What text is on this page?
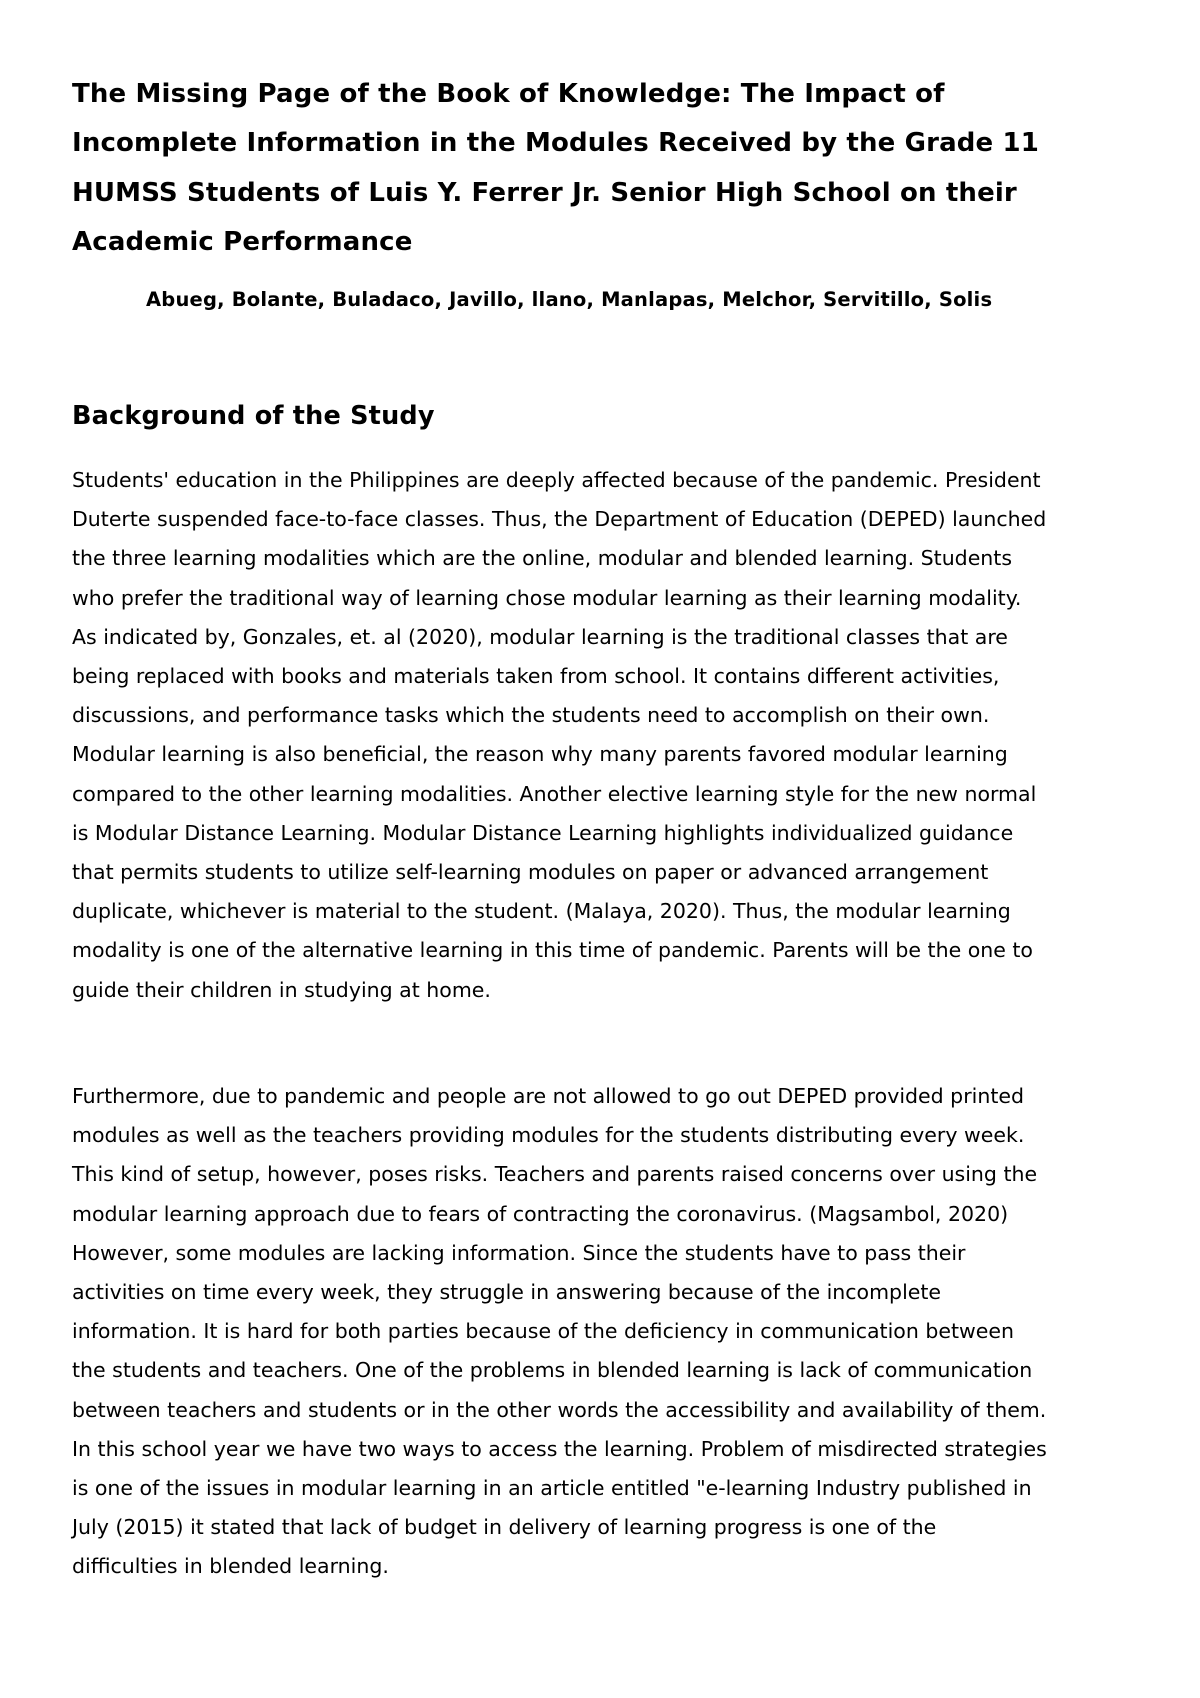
The Missing Page of the Book of Knowledge: The Impact of
Incomplete Information in the Modules Received by the Grade 11
HUMSS Students of Luis Y. Ferrer Jr. Senior High School on their
Academic Performance

Abueg, Bolante, Buladaco, Javillo, llano, Manlapas, Melchor, Servitillo, Solis

Background of the Study
Students' education in the Philippines are deeply affected because of the pandemic. President
Duterte suspended face-to-face classes. Thus, the Department of Education (DEPED) launched
the three learning modalities which are the online, modular and blended learning. Students
who prefer the traditional way of learning chose modular learning as their learning modality.
As indicated by, Gonzales, et. al (2020), modular learning is the traditional classes that are
being replaced with books and materials taken from school. It contains different activities,
discussions, and performance tasks which the students need to accomplish on their own.
Modular learning is also beneficial, the reason why many parents favored modular learning
compared to the other learning modalities. Another elective learning style for the new normal
is Modular Distance Learning. Modular Distance Learning highlights individualized guidance
that permits students to utilize self-learning modules on paper or advanced arrangement
duplicate, whichever is material to the student. (Malaya, 2020). Thus, the modular learning
modality is one of the alternative learning in this time of pandemic. Parents will be the one to
guide their children in studying at home.
Furthermore, due to pandemic and people are not allowed to go out DEPED provided printed
modules as well as the teachers providing modules for the students distributing every week.
This kind of setup, however, poses risks. Teachers and parents raised concerns over using the
modular learning approach due to fears of contracting the coronavirus. (Magsambol, 2020)
However, some modules are lacking information. Since the students have to pass their
activities on time every week, they struggle in answering because of the incomplete
information. It is hard for both parties because of the deficiency in communication between
the students and teachers. One of the problems in blended learning is lack of communication
between teachers and students or in the other words the accessibility and availability of them.
In this school year we have two ways to access the learning. Problem of misdirected strategies
is one of the issues in modular learning in an article entitled "e-learning Industry published in
July (2015) it stated that lack of budget in delivery of learning progress is one of the
difficulties in blended learning.
